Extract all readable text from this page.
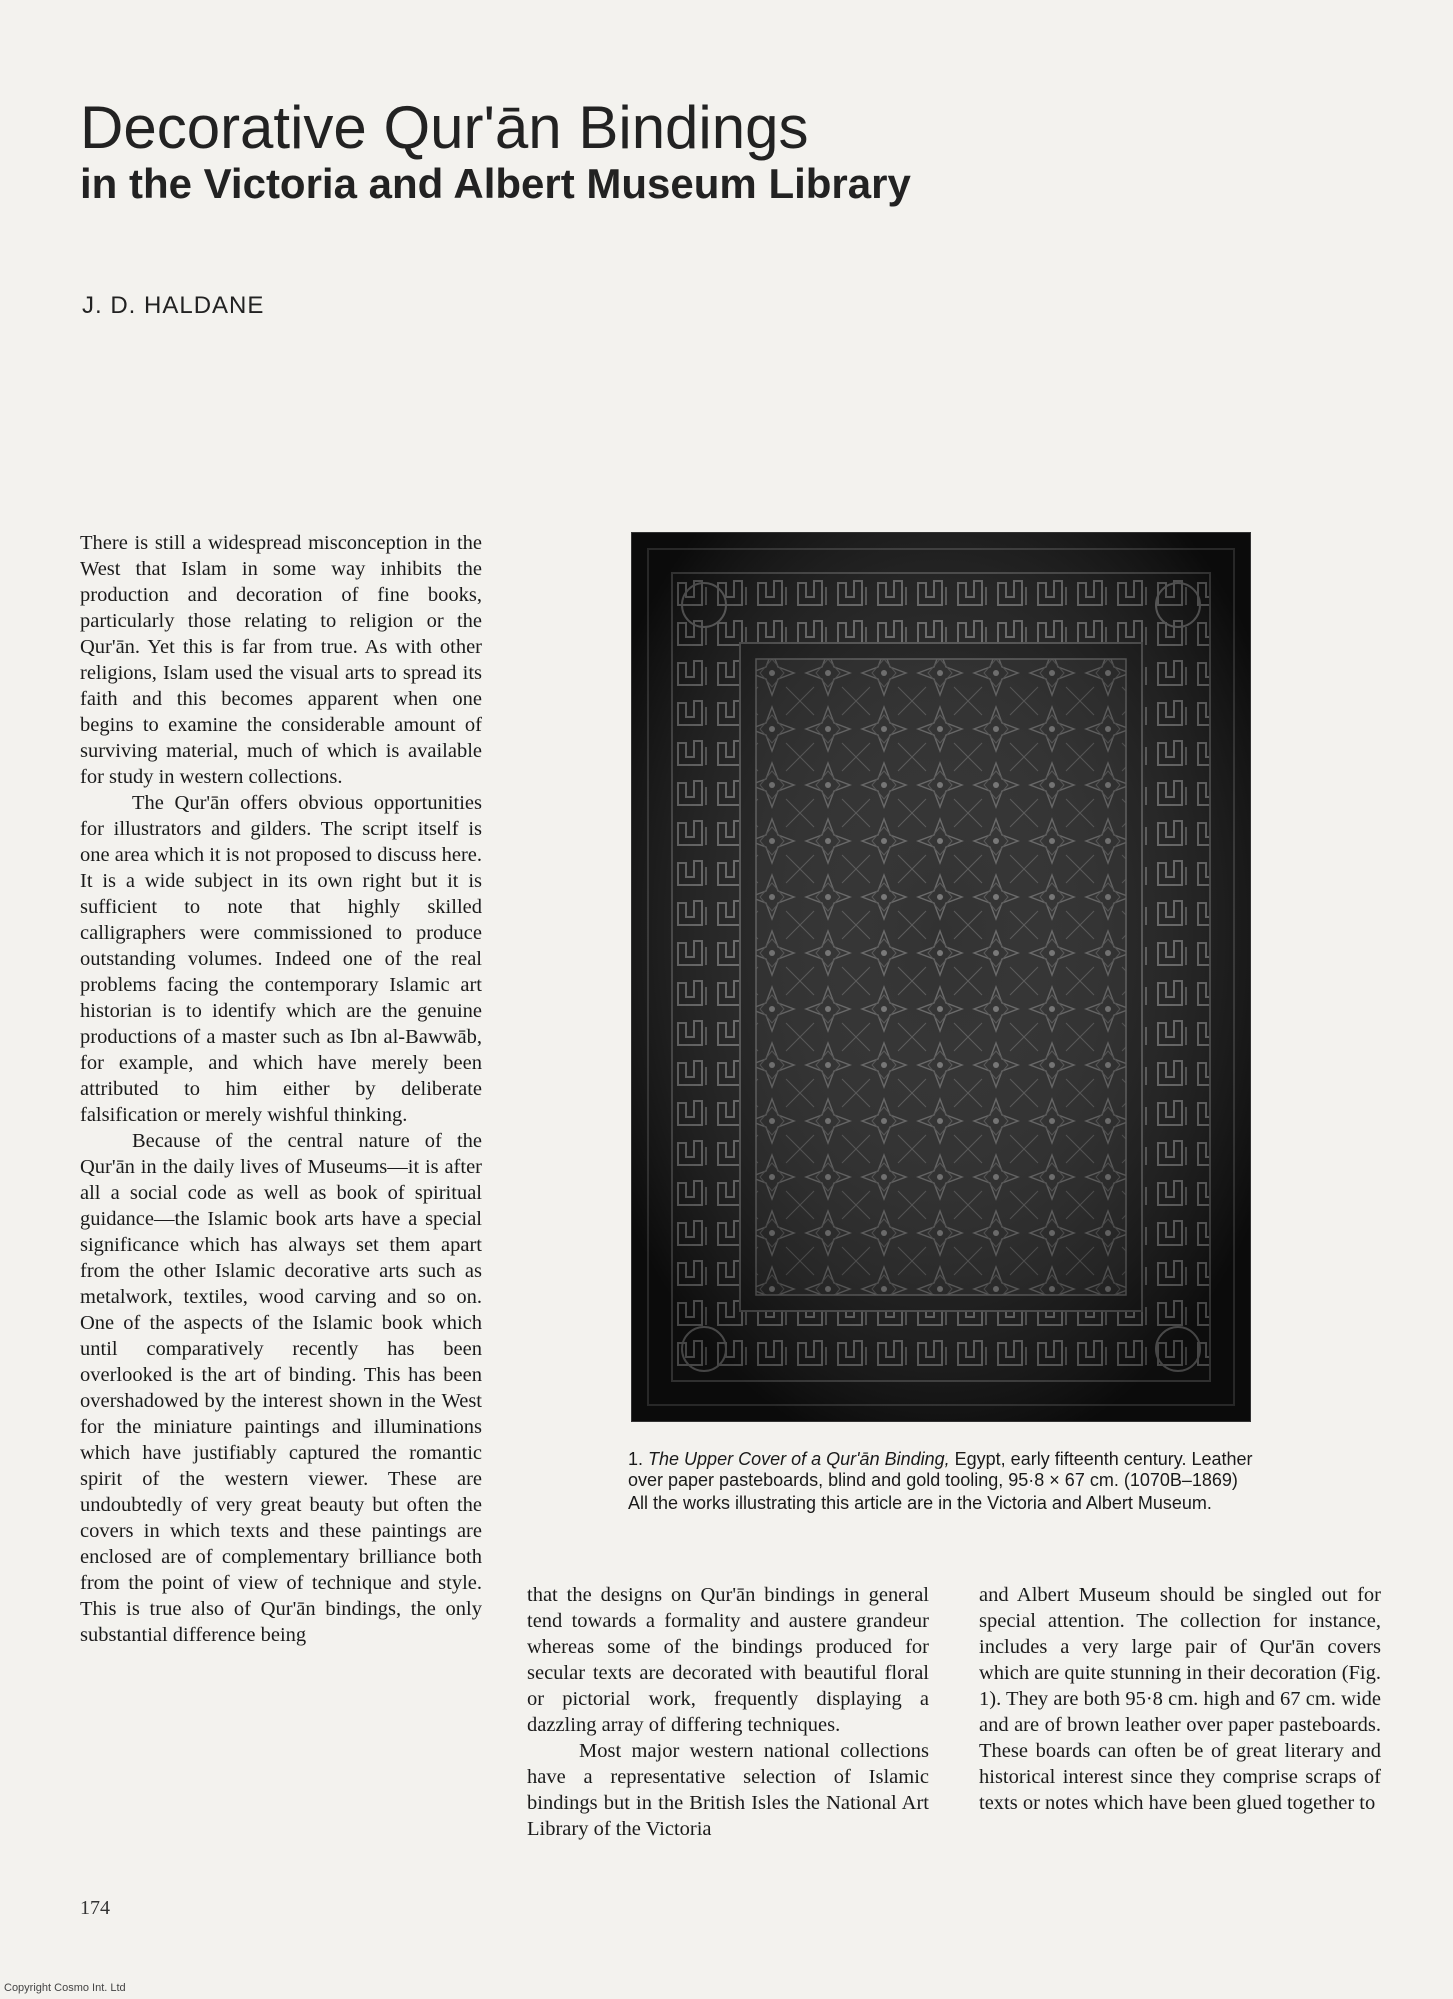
Decorative Qur'ān Bindings
in the Victoria and Albert Museum Library
J. D. HALDANE

There is still a widespread misconception in the West that Islam in some way inhibits the production and decoration of fine books, particularly those relating to religion or the Qur'ān. Yet this is far from true. As with other religions, Islam used the visual arts to spread its faith and this becomes apparent when one begins to examine the considerable amount of surviving material, much of which is available for study in western collections.

The Qur'ān offers obvious opportunities for illustrators and gilders. The script itself is one area which it is not proposed to discuss here. It is a wide subject in its own right but it is sufficient to note that highly skilled calligraphers were commissioned to produce outstanding volumes. Indeed one of the real problems facing the contemporary Islamic art historian is to identify which are the genuine productions of a master such as Ibn al-Bawwāb, for example, and which have merely been attributed to him either by deliberate falsification or merely wishful thinking.

Because of the central nature of the Qur'ān in the daily lives of Museums—it is after all a social code as well as book of spiritual guidance—the Islamic book arts have a special significance which has always set them apart from the other Islamic decorative arts such as metalwork, textiles, wood carving and so on. One of the aspects of the Islamic book which until comparatively recently has been overlooked is the art of binding. This has been overshadowed by the interest shown in the West for the miniature paintings and illuminations which have justifiably captured the romantic spirit of the western viewer. These are undoubtedly of very great beauty but often the covers in which texts and these paintings are enclosed are of complementary brilliance both from the point of view of technique and style. This is true also of Qur'ān bindings, the only substantial difference being

1. The Upper Cover of a Qur'ān Binding, Egypt, early fifteenth century. Leather over paper pasteboards, blind and gold tooling, 95·8 × 67 cm. (1070B–1869)
All the works illustrating this article are in the Victoria and Albert Museum.

that the designs on Qur'ān bindings in general tend towards a formality and austere grandeur whereas some of the bindings produced for secular texts are decorated with beautiful floral or pictorial work, frequently displaying a dazzling array of differing techniques.

Most major western national collections have a representative selection of Islamic bindings but in the British Isles the National Art Library of the Victoria

and Albert Museum should be singled out for special attention. The collection for instance, includes a very large pair of Qur'ān covers which are quite stunning in their decoration (Fig. 1). They are both 95·8 cm. high and 67 cm. wide and are of brown leather over paper pasteboards. These boards can often be of great literary and historical interest since they comprise scraps of texts or notes which have been glued together to

174
Copyright Cosmo Int. Ltd
